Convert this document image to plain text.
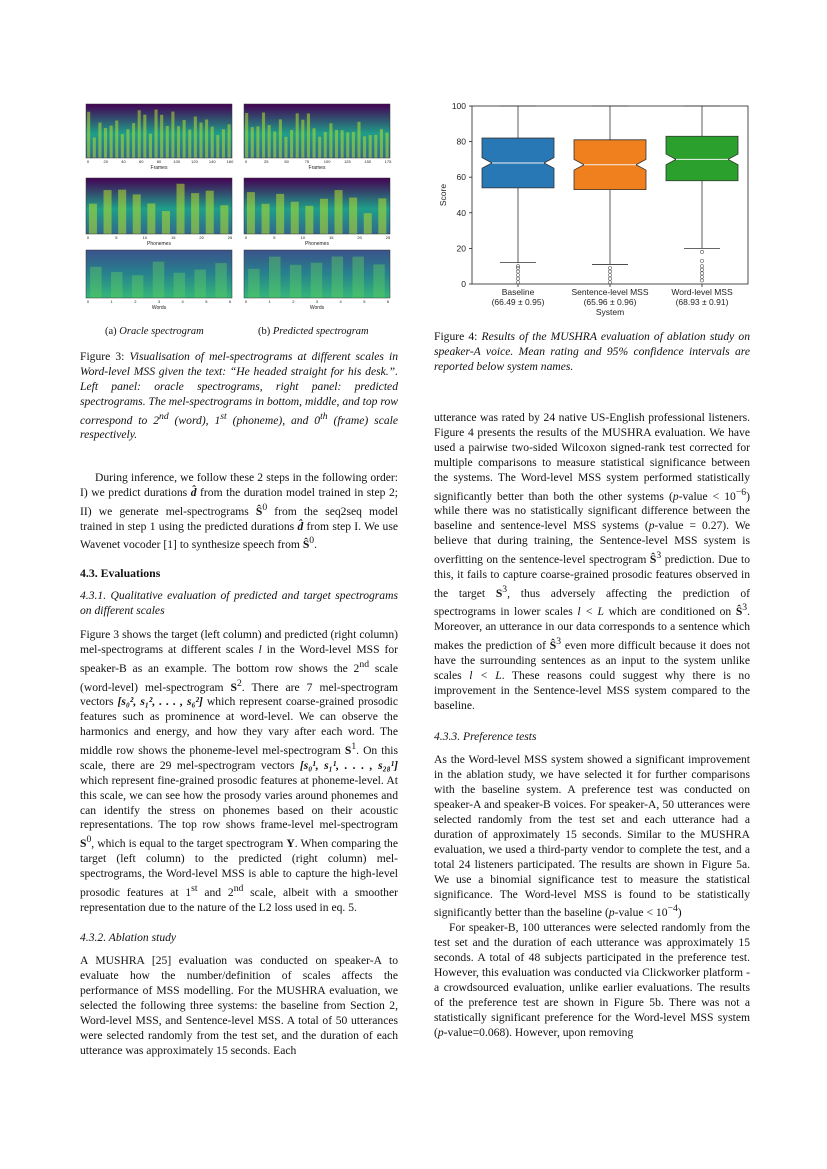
0	20	40	60	80	100	120	140	160
Frames
0	25	50	75	100	125	150	175
Frames
0	5	10	15	20	25
Phonemes
0	5	10	15	20	25
Phonemes
0	1	2	3	4	5	6
Words
0	1	2	3	4	5	6
Words
(a) Oracle spectrogram	(b) Predicted spectrogram
Figure 3: Visualisation of mel-spectrograms at different scales in Word-level MSS given the text: “He headed straight for his desk.”. Left panel: oracle spectrograms, right panel: predicted spectrograms. The mel-spectrograms in bottom, middle, and top row correspond to 2nd (word), 1st (phoneme), and 0th (frame) scale respectively.
0
20
40
60
80
100
Score
Baseline
(66.49 ± 0.95)
Sentence-level MSS
(65.96 ± 0.96)
Word-level MSS
(68.93 ± 0.91)
System
Figure 4: Results of the MUSHRA evaluation of ablation study on speaker-A voice. Mean rating and 95% confidence intervals are reported below system names.

During inference, we follow these 2 steps in the following order: I) we predict durations d̂ from the duration model trained in step 2; II) we generate mel-spectrograms $Ŝ^0$ from the seq2seq model trained in step 1 using the predicted durations d̂ from step I. We use Wavenet vocoder [1] to synthesize speech from $Ŝ^0$.

4.3. Evaluations

4.3.1. Qualitative evaluation of predicted and target spectrograms on different scales

Figure 3 shows the target (left column) and predicted (right column) mel-spectrograms at different scales l in the Word-level MSS for speaker-B as an example. The bottom row shows the 2nd scale (word-level) mel-spectrogram $S^2$. There are 7 mel-spectrogram vectors [s₀², s₁², . . . , s₆²] which represent coarse-grained prosodic features such as prominence at word-level. We can observe the harmonics and energy, and how they vary after each word. The middle row shows the phoneme-level mel-spectrogram $S^1$. On this scale, there are 29 mel-spectrogram vectors [s₀¹, s₁¹, . . . , s₂₈¹] which represent fine-grained prosodic features at phoneme-level. At this scale, we can see how the prosody varies around phonemes and can identify the stress on phonemes based on their acoustic representations. The top row shows frame-level mel-spectrogram $S^0$, which is equal to the target spectrogram Y. When comparing the target (left column) to the predicted (right column) mel-spectrograms, the Word-level MSS is able to capture the high-level prosodic features at 1st and 2nd scale, albeit with a smoother representation due to the nature of the L2 loss used in eq. 5.

4.3.2. Ablation study

A MUSHRA [25] evaluation was conducted on speaker-A to evaluate how the number/definition of scales affects the performance of MSS modelling. For the MUSHRA evaluation, we selected the following three systems: the baseline from Section 2, Word-level MSS, and Sentence-level MSS. A total of 50 utterances were selected randomly from the test set, and the duration of each utterance was approximately 15 seconds. Each

utterance was rated by 24 native US-English professional listeners. Figure 4 presents the results of the MUSHRA evaluation. We have used a pairwise two-sided Wilcoxon signed-rank test corrected for multiple comparisons to measure statistical significance between the systems. The Word-level MSS system performed statistically significantly better than both the other systems (p-value < $10^{-6}$) while there was no statistically significant difference between the baseline and sentence-level MSS systems (p-value = 0.27). We believe that during training, the Sentence-level MSS system is overfitting on the sentence-level spectrogram $Ŝ^3$ prediction. Due to this, it fails to capture coarse-grained prosodic features observed in the target $S^3$, thus adversely affecting the prediction of spectrograms in lower scales l < L which are conditioned on $Ŝ^3$. Moreover, an utterance in our data corresponds to a sentence which makes the prediction of $Ŝ^3$ even more difficult because it does not have the surrounding sentences as an input to the system unlike scales l < L. These reasons could suggest why there is no improvement in the Sentence-level MSS system compared to the baseline.

4.3.3. Preference tests

As the Word-level MSS system showed a significant improvement in the ablation study, we have selected it for further comparisons with the baseline system. A preference test was conducted on speaker-A and speaker-B voices. For speaker-A, 50 utterances were selected randomly from the test set and each utterance had a duration of approximately 15 seconds. Similar to the MUSHRA evaluation, we used a third-party vendor to complete the test, and a total 24 listeners participated. The results are shown in Figure 5a. We use a binomial significance test to measure the statistical significance. The Word-level MSS is found to be statistically significantly better than the baseline (p-value < $10^{-4}$)

For speaker-B, 100 utterances were selected randomly from the test set and the duration of each utterance was approximately 15 seconds. A total of 48 subjects participated in the preference test. However, this evaluation was conducted via Clickworker platform - a crowdsourced evaluation, unlike earlier evaluations. The results of the preference test are shown in Figure 5b. There was not a statistically significant preference for the Word-level MSS system (p-value=0.068). However, upon removing
